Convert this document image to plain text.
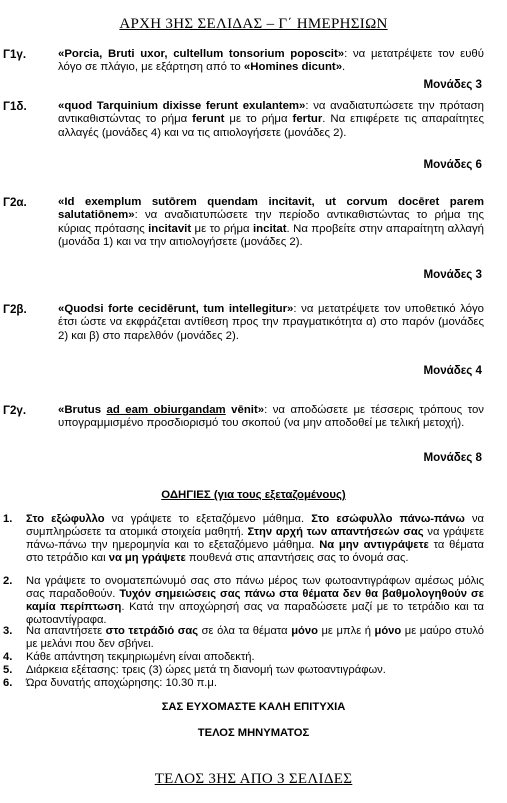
ΑΡΧΗ 3ΗΣ ΣΕΛΙΔΑΣ – Γ΄ ΗΜΕΡΗΣΙΩΝ
Γ1γ.	«Porcia, Bruti uxor, cultellum tonsorium poposcit»: να μετατρέψετε τον ευθύ λόγο σε πλάγιο, με εξάρτηση από το «Homines dicunt».
Μονάδες 3
Γ1δ.	«quod Tarquinium dixisse ferunt exulantem»: να αναδιατυπώσετε την πρόταση αντικαθιστώντας το ρήμα ferunt με το ρήμα fertur. Να επιφέρετε τις απαραίτητες αλλαγές (μονάδες 4) και να τις αιτιολογήσετε (μονάδες 2).
Μονάδες 6
Γ2α.	«Id exemplum sutōrem quendam incitavit, ut corvum docēret parem salutatiōnem»: να αναδιατυπώσετε την περίοδο αντικαθιστώντας το ρήμα της κύριας πρότασης incitavit με το ρήμα incitat. Να προβείτε στην απαραίτητη αλλαγή (μονάδα 1) και να την αιτιολογήσετε (μονάδες 2).
Μονάδες 3
Γ2β.	«Quodsi forte cecidērunt, tum intellegitur»: να μετατρέψετε τον υποθετικό λόγο έτσι ώστε να εκφράζεται αντίθεση προς την πραγματικότητα α) στο παρόν (μονάδες 2) και β) στο παρελθόν (μονάδες 2).
Μονάδες 4
Γ2γ.	«Brutus ad eam obiurgandam vēnit»: να αποδώσετε με τέσσερις τρόπους τον υπογραμμισμένο προσδιορισμό του σκοπού (να μην αποδοθεί με τελική μετοχή).
Μονάδες 8
ΟΔΗΓΙΕΣ (για τους εξεταζομένους)
1. Στο εξώφυλλο να γράψετε το εξεταζόμενο μάθημα. Στο εσώφυλλο πάνω-πάνω να συμπληρώσετε τα ατομικά στοιχεία μαθητή. Στην αρχή των απαντήσεών σας να γράψετε πάνω-πάνω την ημερομηνία και το εξεταζόμενο μάθημα. Να μην αντιγράψετε τα θέματα στο τετράδιο και να μη γράψετε πουθενά στις απαντήσεις σας το όνομά σας.
2. Να γράψετε το ονοματεπώνυμό σας στο πάνω μέρος των φωτοαντιγράφων αμέσως μόλις σας παραδοθούν. Τυχόν σημειώσεις σας πάνω στα θέματα δεν θα βαθμολογηθούν σε καμία περίπτωση. Κατά την αποχώρησή σας να παραδώσετε μαζί με το τετράδιο και τα φωτοαντίγραφα.
3. Να απαντήσετε στο τετράδιό σας σε όλα τα θέματα μόνο με μπλε ή μόνο με μαύρο στυλό με μελάνι που δεν σβήνει.
4. Κάθε απάντηση τεκμηριωμένη είναι αποδεκτή.
5. Διάρκεια εξέτασης: τρεις (3) ώρες μετά τη διανομή των φωτοαντιγράφων.
6. Ώρα δυνατής αποχώρησης: 10.30 π.μ.
ΣΑΣ ΕΥΧΟΜΑΣΤΕ ΚΑΛΗ ΕΠΙΤΥΧΙΑ
ΤΕΛΟΣ ΜΗΝΥΜΑΤΟΣ
ΤΕΛΟΣ 3ΗΣ ΑΠΟ 3 ΣΕΛΙΔΕΣ
